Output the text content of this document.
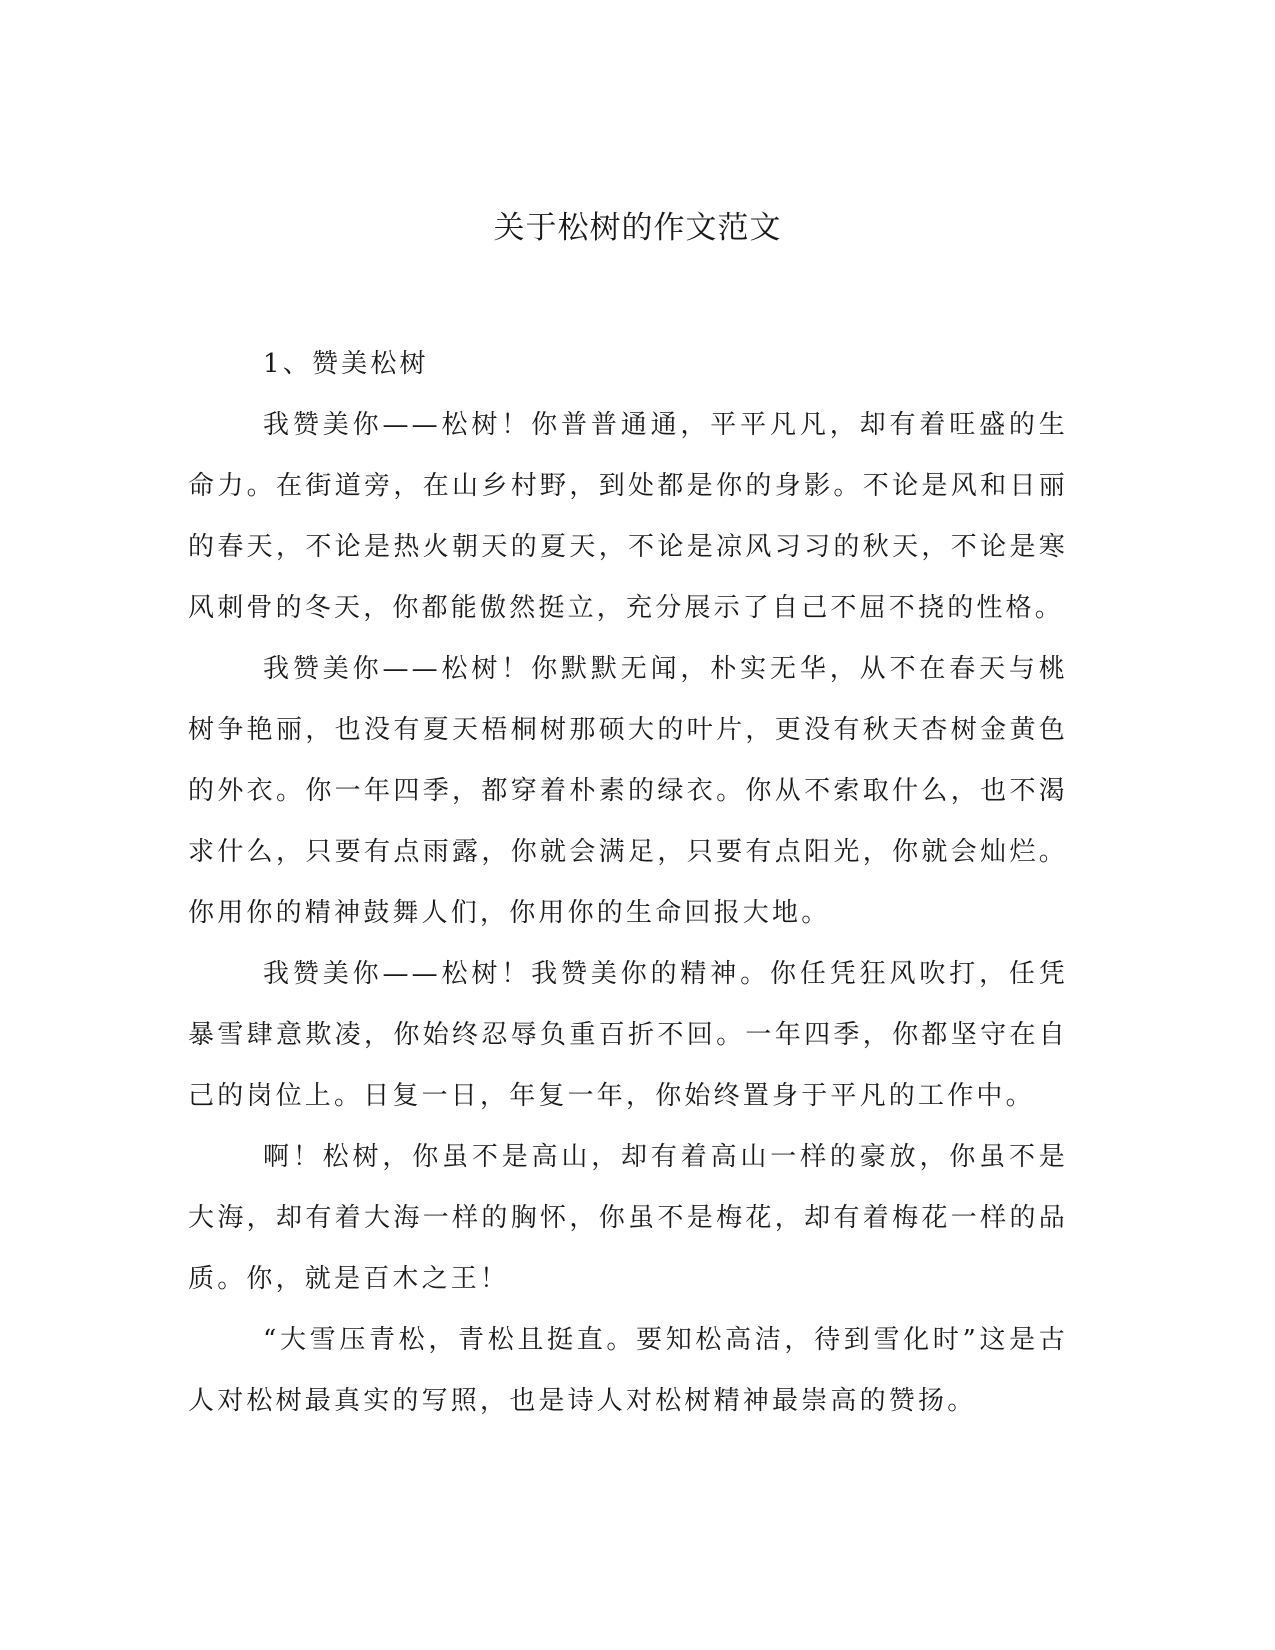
关于松树的作文范文

1、赞美松树

我赞美你——松树！你普普通通，平平凡凡，却有着旺盛的生命力。在街道旁，在山乡村野，到处都是你的身影。不论是风和日丽的春天，不论是热火朝天的夏天，不论是凉风习习的秋天，不论是寒风刺骨的冬天，你都能傲然挺立，充分展示了自己不屈不挠的性格。

我赞美你——松树！你默默无闻，朴实无华，从不在春天与桃树争艳丽，也没有夏天梧桐树那硕大的叶片，更没有秋天杏树金黄色的外衣。你一年四季，都穿着朴素的绿衣。你从不索取什么，也不渴求什么，只要有点雨露，你就会满足，只要有点阳光，你就会灿烂。你用你的精神鼓舞人们，你用你的生命回报大地。

我赞美你——松树！我赞美你的精神。你任凭狂风吹打，任凭暴雪肆意欺凌，你始终忍辱负重百折不回。一年四季，你都坚守在自己的岗位上。日复一日，年复一年，你始终置身于平凡的工作中。

啊！松树，你虽不是高山，却有着高山一样的豪放，你虽不是大海，却有着大海一样的胸怀，你虽不是梅花，却有着梅花一样的品质。你，就是百木之王！

“大雪压青松，青松且挺直。要知松高洁，待到雪化时”这是古人对松树最真实的写照，也是诗人对松树精神最崇高的赞扬。
